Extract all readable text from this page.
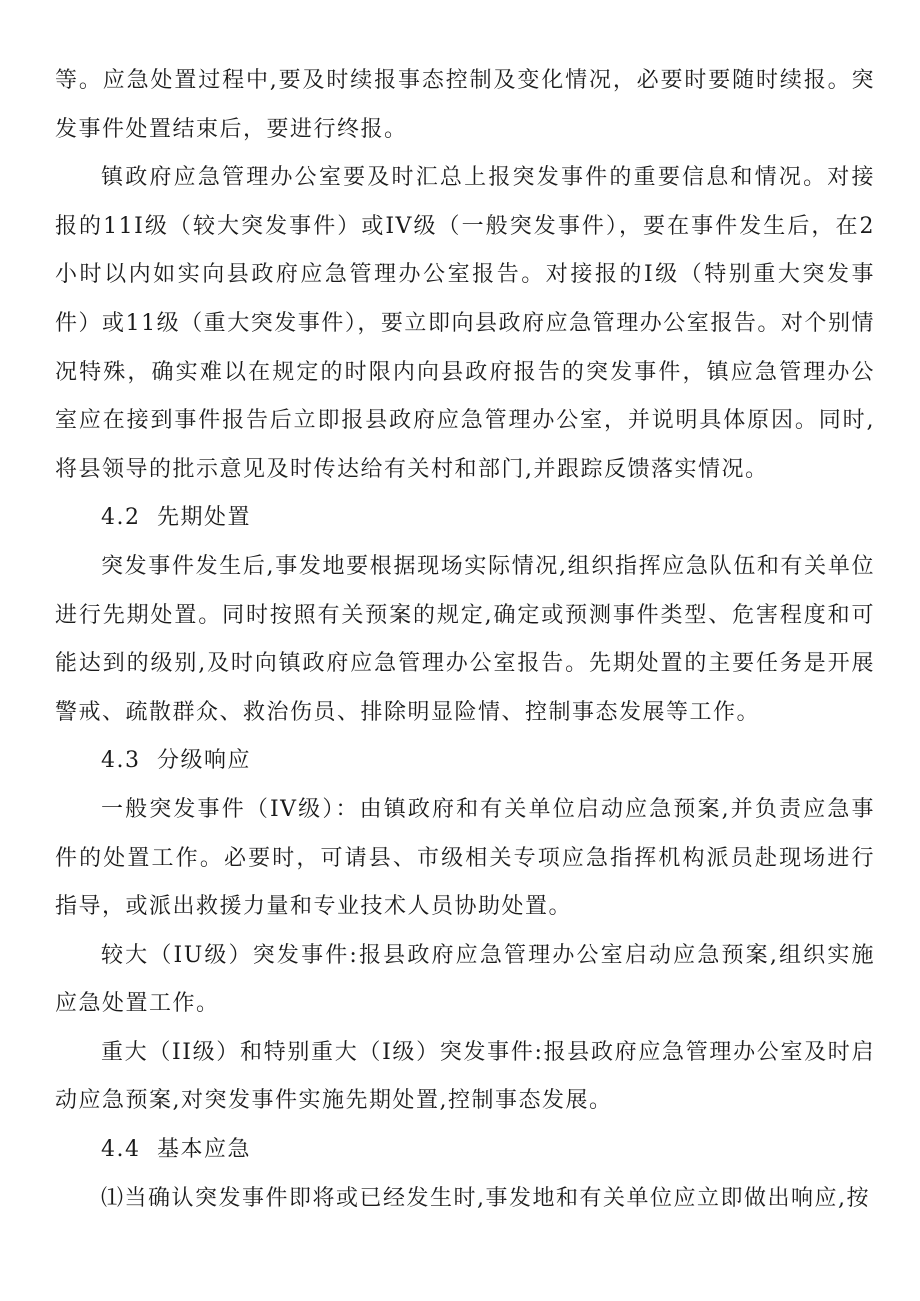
等。应急处置过程中,要及时续报事态控制及变化情况，必要时要随时续报。突发事件处置结束后，要进行终报。

镇政府应急管理办公室要及时汇总上报突发事件的重要信息和情况。对接报的11I级（较大突发事件）或IV级（一般突发事件），要在事件发生后，在2小时以内如实向县政府应急管理办公室报告。对接报的I级（特别重大突发事件）或11级（重大突发事件），要立即向县政府应急管理办公室报告。对个别情况特殊，确实难以在规定的时限内向县政府报告的突发事件，镇应急管理办公室应在接到事件报告后立即报县政府应急管理办公室，并说明具体原因。同时,将县领导的批示意见及时传达给有关村和部门,并跟踪反馈落实情况。

4.2 先期处置

突发事件发生后,事发地要根据现场实际情况,组织指挥应急队伍和有关单位进行先期处置。同时按照有关预案的规定,确定或预测事件类型、危害程度和可能达到的级别,及时向镇政府应急管理办公室报告。先期处置的主要任务是开展警戒、疏散群众、救治伤员、排除明显险情、控制事态发展等工作。

4.3 分级响应

一般突发事件（IV级）：由镇政府和有关单位启动应急预案,并负责应急事件的处置工作。必要时，可请县、市级相关专项应急指挥机构派员赴现场进行指导，或派出救援力量和专业技术人员协助处置。

较大（IU级）突发事件:报县政府应急管理办公室启动应急预案,组织实施应急处置工作。

重大（II级）和特别重大（I级）突发事件:报县政府应急管理办公室及时启动应急预案,对突发事件实施先期处置,控制事态发展。

4.4 基本应急

⑴当确认突发事件即将或已经发生时,事发地和有关单位应立即做出响应,按
